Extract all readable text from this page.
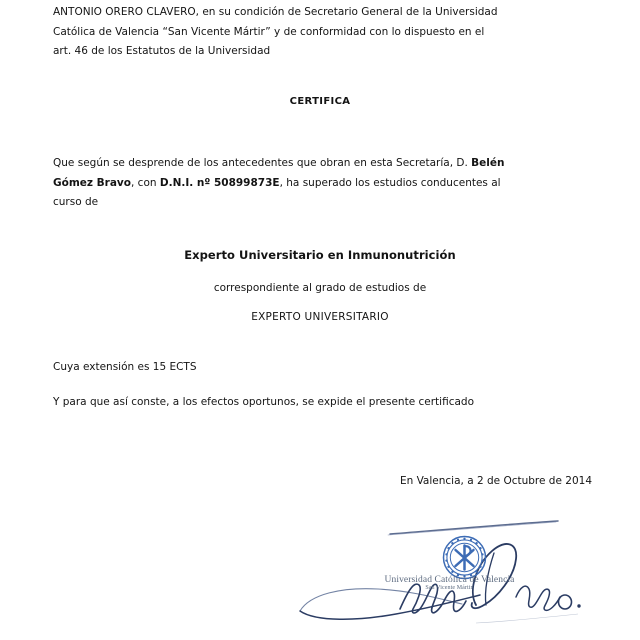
ANTONIO ORERO CLAVERO, en su condición de Secretario General de la Universidad Católica de Valencia “San Vicente Mártir” y de conformidad con lo dispuesto en el art. 46 de los Estatutos de la Universidad
CERTIFICA
Que según se desprende de los antecedentes que obran en esta Secretaría, D. Belén Gómez Bravo, con D.N.I. nº 50899873E, ha superado los estudios conducentes al curso de
Experto Universitario en Inmunonutrición
correspondiente al grado de estudios de
EXPERTO UNIVERSITARIO
Cuya extensión es 15 ECTS
Y para que así conste, a los efectos oportunos, se expide el presente certificado
En Valencia, a 2 de Octubre de 2014
Universidad Católica de Valencia
San Vicente Mártir
